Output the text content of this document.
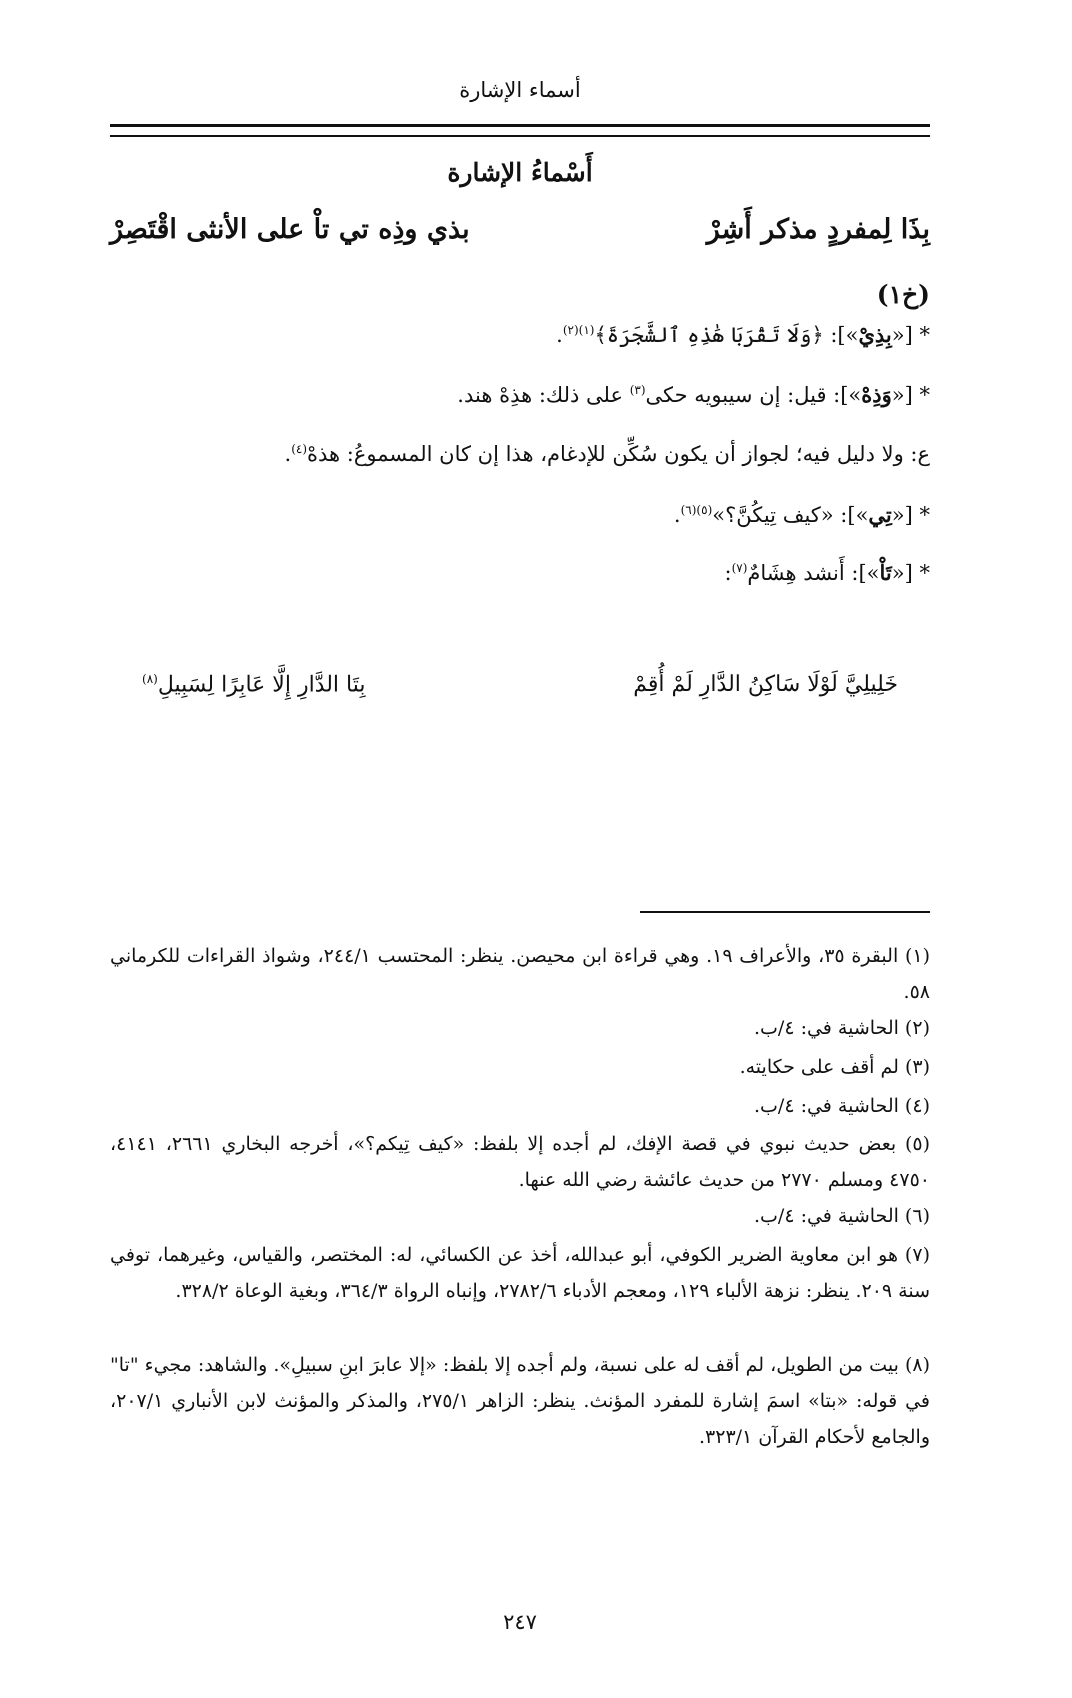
أسماء الإشارة
أَسْماءُ الإشارة
بِذَا لِمفردٍ مذكر أَشِرْ
بذي وذِه تي تاْ على الأنثى اقْتَصِرْ
(خ١)
* [«بِذِيْ»]: ﴿وَلَا تَقْرَبَا هَٰذِهِ ٱلشَّجَرَةَ﴾$^{(١)(٢)}$.
* [«وَذِهْ»]: قيل: إن سيبويه حكى$^{(٣)}$ على ذلك: هذِهْ هند.
ع: ولا دليل فيه؛ لجواز أن يكون سُكِّن للإدغام، هذا إن كان المسموعُ: هذهْ$^{(٤)}$.
* [«تِي»]: «كيف تِيكُنَّ؟»$^{(٥)(٦)}$.
* [«تَاْ»]: أَنشد هِشَامٌ$^{(٧)}$:
خَلِيلِيَّ لَوْلَا سَاكِنُ الدَّارِ لَمْ أُقِمْ
بِتَا الدَّارِ إِلَّا عَابِرًا لِسَبِيلِ$^{(٨)}$
(١) البقرة ٣٥، والأعراف ١٩. وهي قراءة ابن محيصن. ينظر: المحتسب ٢٤٤/١، وشواذ القراءات للكرماني ٥٨.
(٢) الحاشية في: ٤/ب.
(٣) لم أقف على حكايته.
(٤) الحاشية في: ٤/ب.
(٥) بعض حديث نبوي في قصة الإفك، لم أجده إلا بلفظ: «كيف تِيكم؟»، أخرجه البخاري ٢٦٦١، ٤١٤١، ٤٧٥٠ ومسلم ٢٧٧٠ من حديث عائشة رضي الله عنها.
(٦) الحاشية في: ٤/ب.
(٧) هو ابن معاوية الضرير الكوفي، أبو عبدالله، أخذ عن الكسائي، له: المختصر، والقياس، وغيرهما، توفي سنة ٢٠٩. ينظر: نزهة الألباء ١٢٩، ومعجم الأدباء ٢٧٨٢/٦، وإنباه الرواة ٣٦٤/٣، وبغية الوعاة ٣٢٨/٢.
(٨) بيت من الطويل، لم أقف له على نسبة، ولم أجده إلا بلفظ: «إلا عابرَ ابنِ سبيلِ». والشاهد: مجيء "تا" في قوله: «بتا» اسمَ إشارة للمفرد المؤنث. ينظر: الزاهر ٢٧٥/١، والمذكر والمؤنث لابن الأنباري ٢٠٧/١، والجامع لأحكام القرآن ٣٢٣/١.
٢٤٧
